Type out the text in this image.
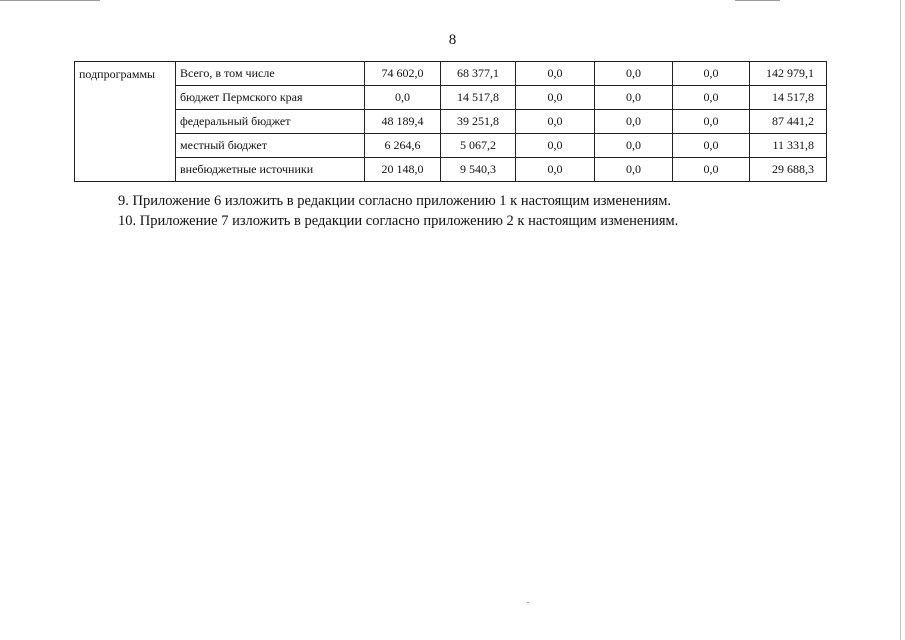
8
подпрограммы	Всего, в том числе	74 602,0	68 377,1	0,0	0,0	0,0	142 979,1
	бюджет Пермского края	0,0	14 517,8	0,0	0,0	0,0	14 517,8
	федеральный бюджет	48 189,4	39 251,8	0,0	0,0	0,0	87 441,2
	местный бюджет	6 264,6	5 067,2	0,0	0,0	0,0	11 331,8
	внебюджетные источники	20 148,0	9 540,3	0,0	0,0	0,0	29 688,3
9. Приложение 6 изложить в редакции согласно приложению 1 к настоящим изменениям.
10. Приложение 7 изложить в редакции согласно приложению 2 к настоящим изменениям.
